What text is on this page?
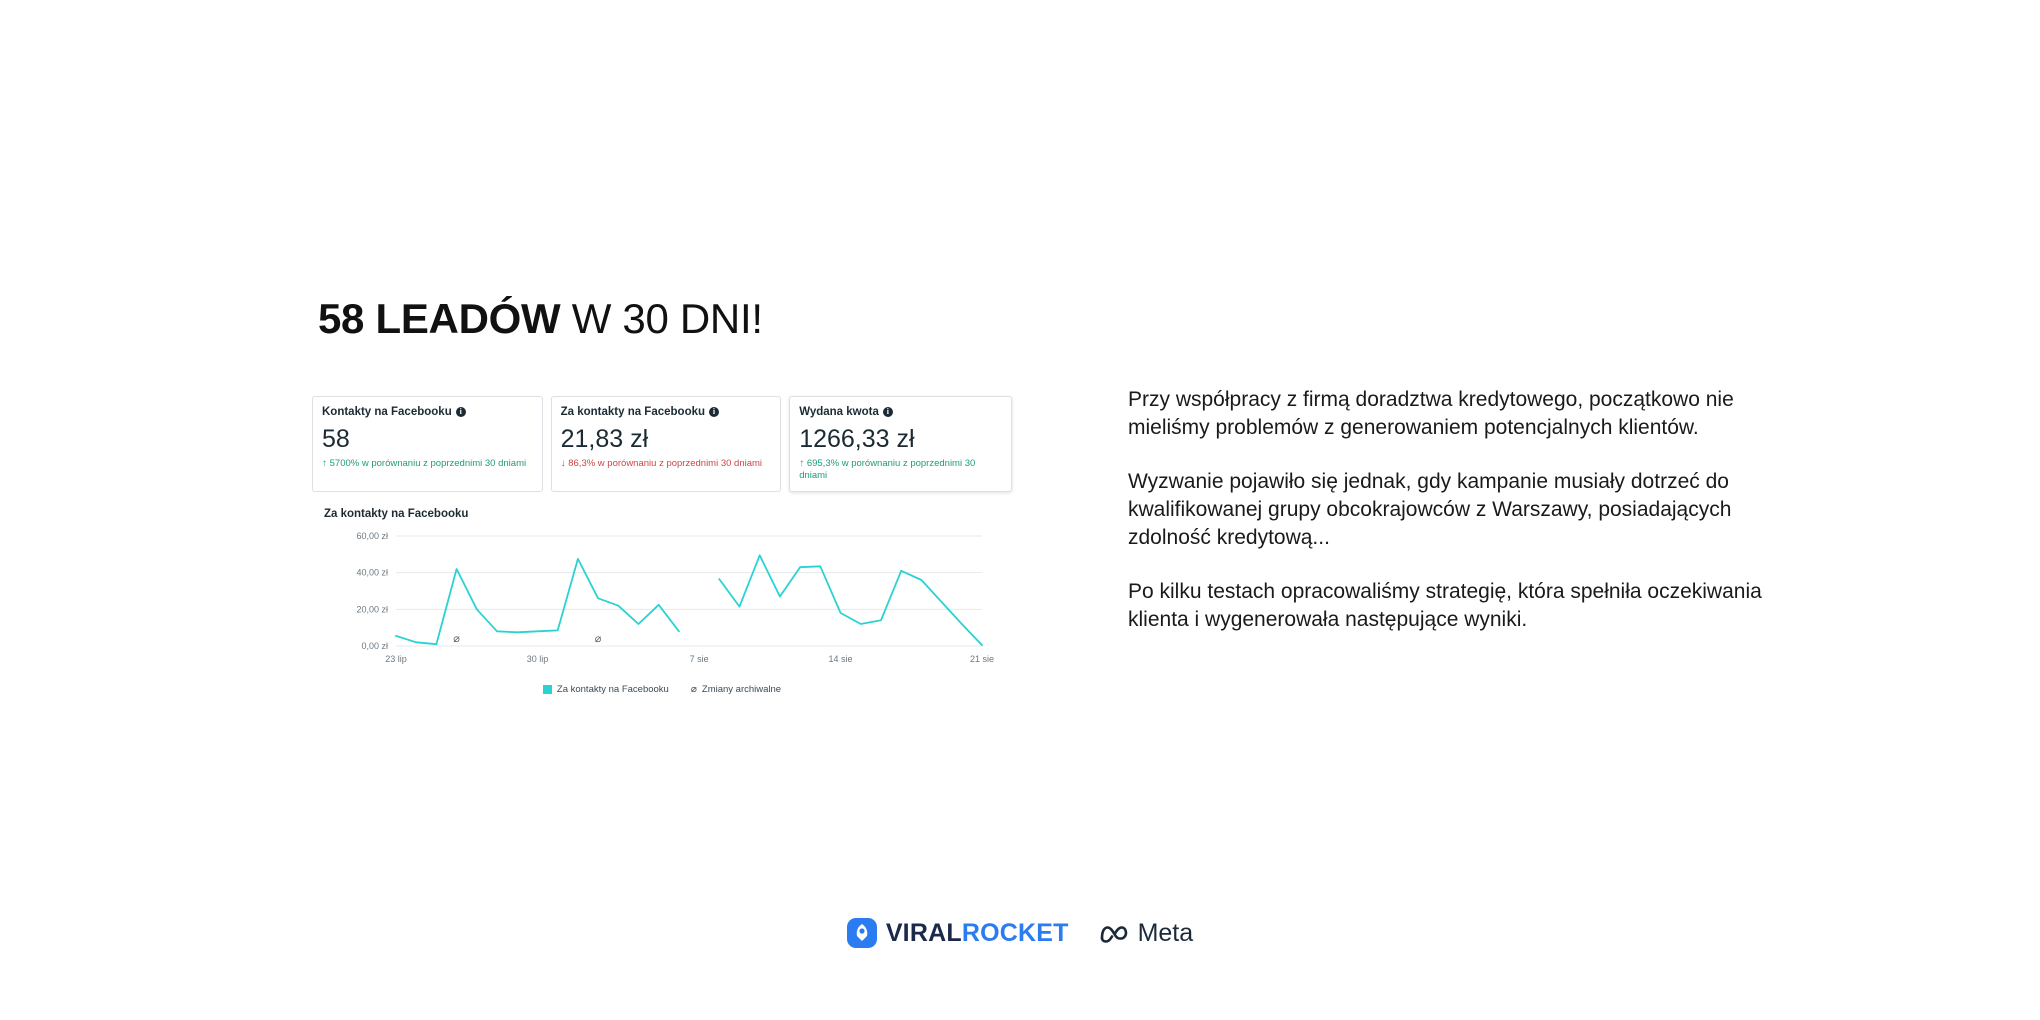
58 LEADÓW W 30 DNI!
Kontakty na Facebooku i
58
↑ 5700% w porównaniu z poprzednimi 30 dniami
Za kontakty na Facebooku i
21,83 zł
↓ 86,3% w porównaniu z poprzednimi 30 dniami
Wydana kwota i
1266,33 zł
↑ 695,3% w porównaniu z poprzednimi 30 dniami
Za kontakty na Facebooku
0,00 zł
20,00 zł
40,00 zł
60,00 zł
23 lip	30 lip	7 sie	14 sie	21 sie
⌀	⌀
Za kontakty na Facebooku ⌀ Zmiany archiwalne

Przy współpracy z firmą doradztwa kredytowego, początkowo nie mieliśmy problemów z generowaniem potencjalnych klientów.

Wyzwanie pojawiło się jednak, gdy kampanie musiały dotrzeć do kwalifikowanej grupy obcokrajowców z Warszawy, posiadających zdolność kredytową...

Po kilku testach opracowaliśmy strategię, która spełniła oczekiwania klienta i wygenerowała następujące wyniki.

VIRALROCKET	Meta
